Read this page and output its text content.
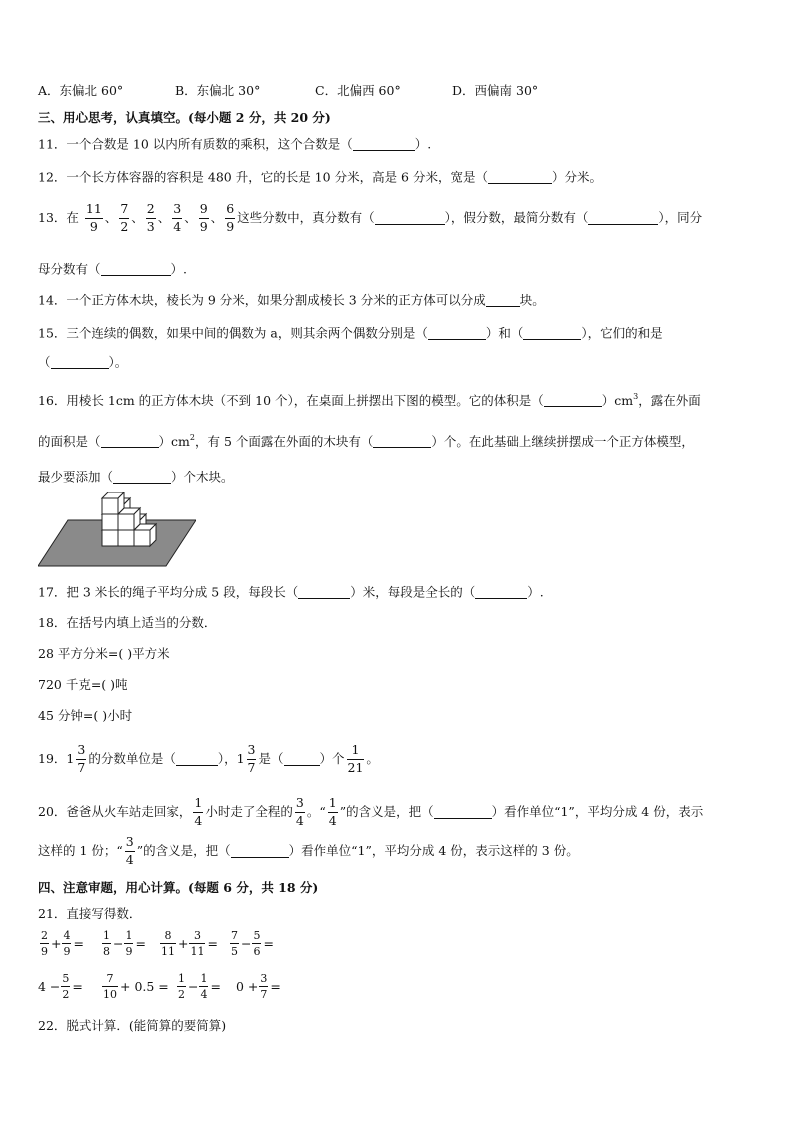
A．东偏北 60°	B．东偏北 30°	C．北偏西 60°	D．西偏南 30°
三、用心思考，认真填空。(每小题 2 分，共 20 分)
11．一个合数是 10 以内所有质数的乘积，这个合数是（	）.
12．一个长方体容器的容积是 480 升，它的长是 10 分米，高是 6 分米，宽是（	）分米。
13．在 $\frac{11}{9}$ 、 $\frac{7}{2}$ 、 $\frac{2}{3}$ 、 $\frac{3}{4}$ 、 $\frac{9}{9}$ 、 $\frac{6}{9}$ 这些分数中，真分数有（	），假分数，最简分数有（	），同分
母分数有（	）.
14．一个正方体木块，棱长为 9 分米，如果分割成棱长 3 分米的正方体可以分成	块。
15．三个连续的偶数，如果中间的偶数为 a，则其余两个偶数分别是（	）和（	），它们的和是
（	）。
16．用棱长 1cm 的正方体木块（不到 10 个），在桌面上拼摆出下图的模型。它的体积是（	）$cm^3$，露在外面
的面积是（	）$cm^2$，有 5 个面露在外面的木块有（	）个。在此基础上继续拼摆成一个正方体模型，
最少要添加（	）个木块。
17．把 3 米长的绳子平均分成 5 段，每段长（	）米，每段是全长的（	）.
18．在括号内填上适当的分数．
28 平方分米=( )平方米
720 千克=( )吨
45 分钟=( )小时
19．$1 \frac{3}{7}$ 的分数单位是（	），$1 \frac{3}{7}$ 是（	）个 $\frac{1}{21}$ 。
20．爸爸从火车站走回家， $\frac{1}{4}$ 小时走了全程的 $\frac{3}{4}$ 。“ $\frac{1}{4}$ ”的含义是，把（	）看作单位“1”，平均分成 4 份，表示
这样的 1 份；“ $\frac{3}{4}$ ”的含义是，把（	）看作单位“1”，平均分成 4 份，表示这样的 3 份。
四、注意审题，用心计算。(每题 6 分，共 18 分)
21．直接写得数．
$\frac{2}{9} + \frac{4}{9} = \frac{1}{8} - \frac{1}{9} = \frac{8}{11} + \frac{3}{11} = \frac{7}{5} - \frac{5}{6}$ =
$4 - \frac{5}{2} = \frac{7}{10} + 0.5 = \frac{1}{2} - \frac{1}{4} = 0 + \frac{3}{7}$ =
22．脱式计算．(能简算的要简算)
